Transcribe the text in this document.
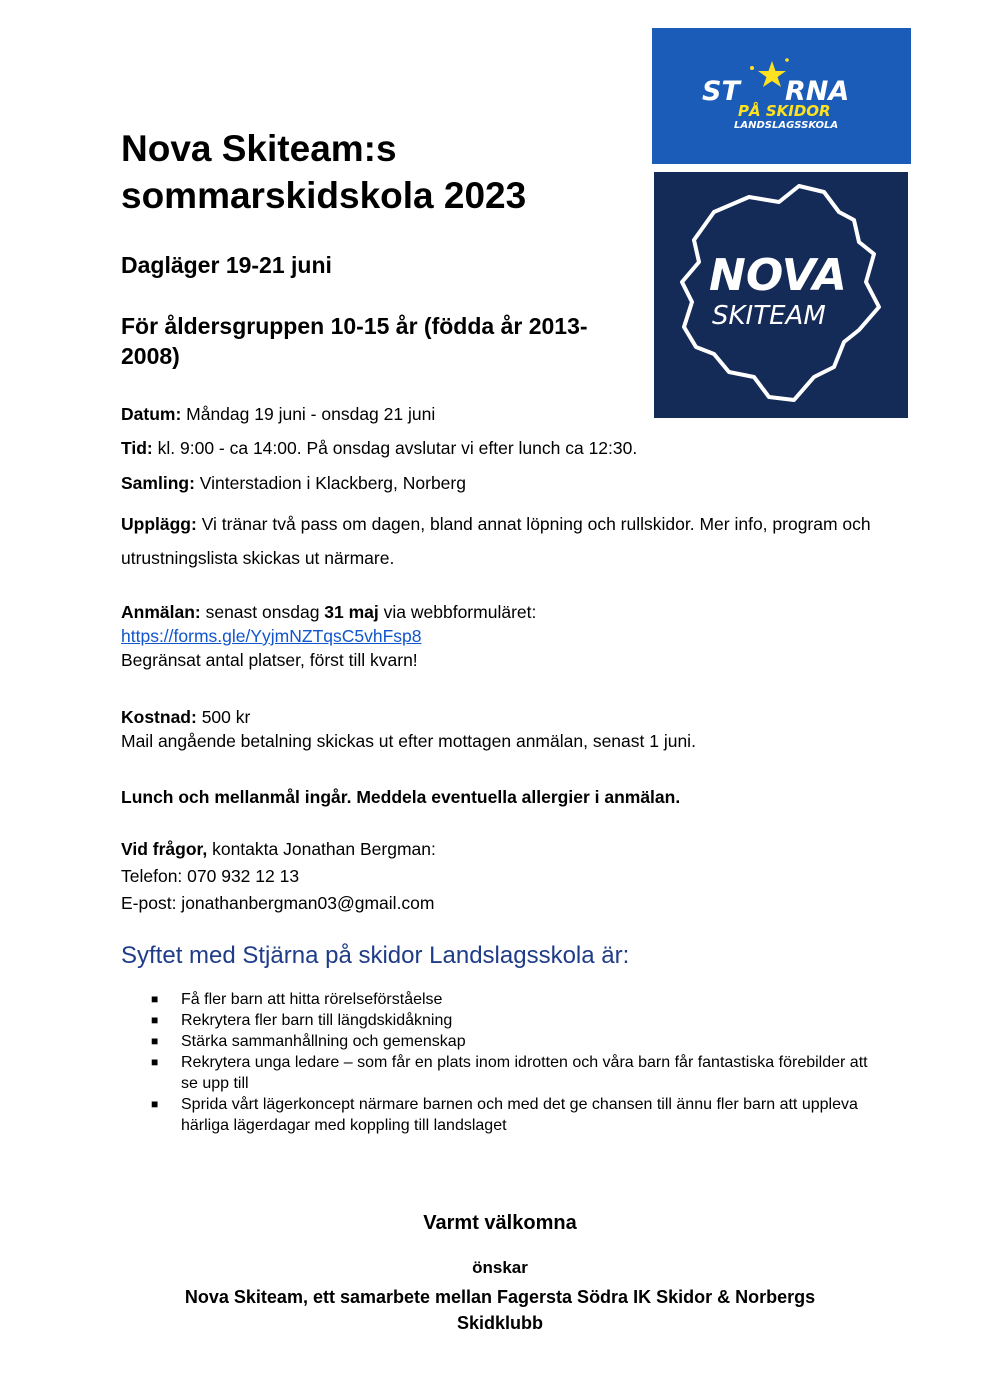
ST RNA
PÅ SKIDOR
LANDSLAGSSKOLA
NOVA
SKITEAM
Nova Skiteam:s sommarskidskola 2023
Dagläger 19-21 juni
För åldersgruppen 10-15 år (födda år 2013-2008)

Datum: Måndag 19 juni - onsdag 21 juni

Tid: kl. 9:00 - ca 14:00. På onsdag avslutar vi efter lunch ca 12:30.

Samling: Vinterstadion i Klackberg, Norberg

Upplägg: Vi tränar två pass om dagen, bland annat löpning och rullskidor. Mer info, program och utrustningslista skickas ut närmare.

Anmälan: senast onsdag 31 maj via webbformuläret:
https://forms.gle/YyjmNZTqsC5vhFsp8
Begränsat antal platser, först till kvarn!
Kostnad: 500 kr
Mail angående betalning skickas ut efter mottagen anmälan, senast 1 juni.
Lunch och mellanmål ingår. Meddela eventuella allergier i anmälan.
Vid frågor, kontakta Jonathan Bergman:
Telefon: 070 932 12 13
E-post: jonathanbergman03@gmail.com
Syftet med Stjärna på skidor Landslagsskola är:
■ Få fler barn att hitta rörelseförståelse
■ Rekrytera fler barn till längdskidåkning
■ Stärka sammanhållning och gemenskap
■ Rekrytera unga ledare – som får en plats inom idrotten och våra barn får fantastiska förebilder att se upp till
■ Sprida vårt lägerkoncept närmare barnen och med det ge chansen till ännu fler barn att uppleva härliga lägerdagar med koppling till landslaget

Varmt välkomna

önskar

Nova Skiteam, ett samarbete mellan Fagersta Södra IK Skidor & Norbergs Skidklubb
